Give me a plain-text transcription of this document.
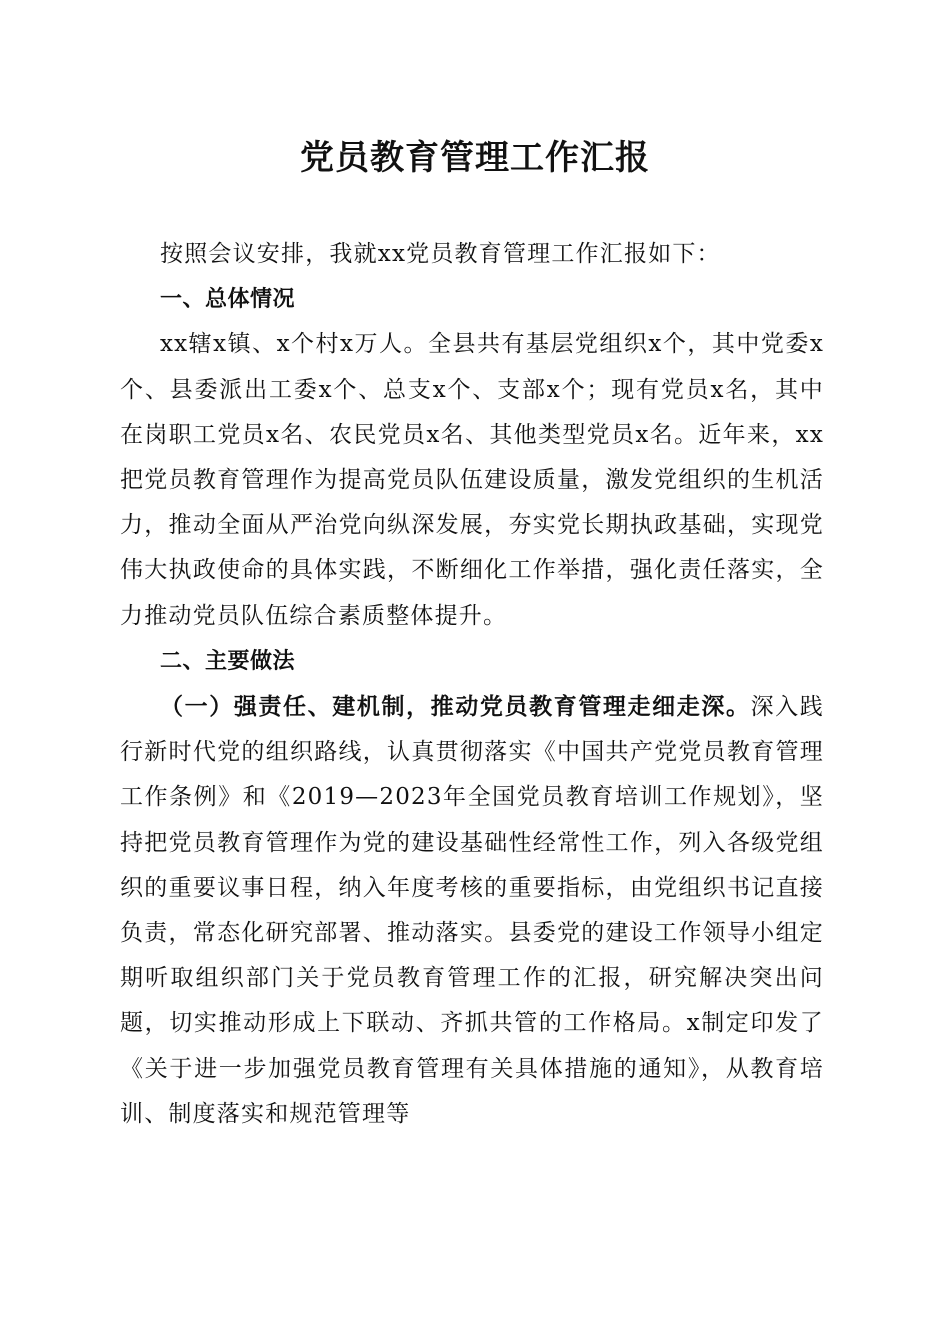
党员教育管理工作汇报

按照会议安排，我就xx党员教育管理工作汇报如下：

一、总体情况

xx辖x镇、x个村x万人。全县共有基层党组织x个，其中党委x个、县委派出工委x个、总支x个、支部x个；现有党员x名，其中在岗职工党员x名、农民党员x名、其他类型党员x名。近年来，xx把党员教育管理作为提高党员队伍建设质量，激发党组织的生机活力，推动全面从严治党向纵深发展，夯实党长期执政基础，实现党伟大执政使命的具体实践，不断细化工作举措，强化责任落实，全力推动党员队伍综合素质整体提升。

二、主要做法

（一）强责任、建机制，推动党员教育管理走细走深。深入践行新时代党的组织路线，认真贯彻落实《中国共产党党员教育管理工作条例》和《2019—2023年全国党员教育培训工作规划》，坚持把党员教育管理作为党的建设基础性经常性工作，列入各级党组织的重要议事日程，纳入年度考核的重要指标，由党组织书记直接负责，常态化研究部署、推动落实。县委党的建设工作领导小组定期听取组织部门关于党员教育管理工作的汇报，研究解决突出问题，切实推动形成上下联动、齐抓共管的工作格局。x制定印发了《关于进一步加强党员教育管理有关具体措施的通知》，从教育培训、制度落实和规范管理等
